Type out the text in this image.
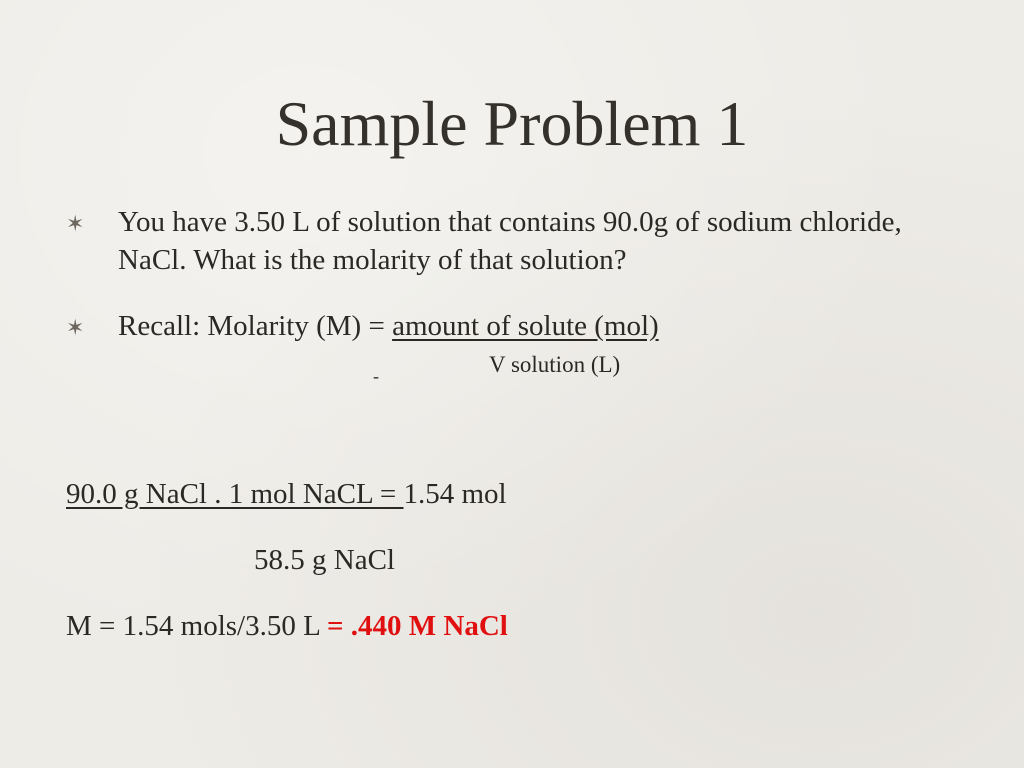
Sample Problem 1
✶ You have 3.50 L of solution that contains 90.0g of sodium chloride, NaCl. What is the molarity of that solution?
✶ Recall: Molarity (M) = amount of solute (mol)
V solution (L)
-
90.0 g NaCl . 1 mol NaCL = 1.54 mol
58.5 g NaCl
M = 1.54 mols/3.50 L = .440 M NaCl
